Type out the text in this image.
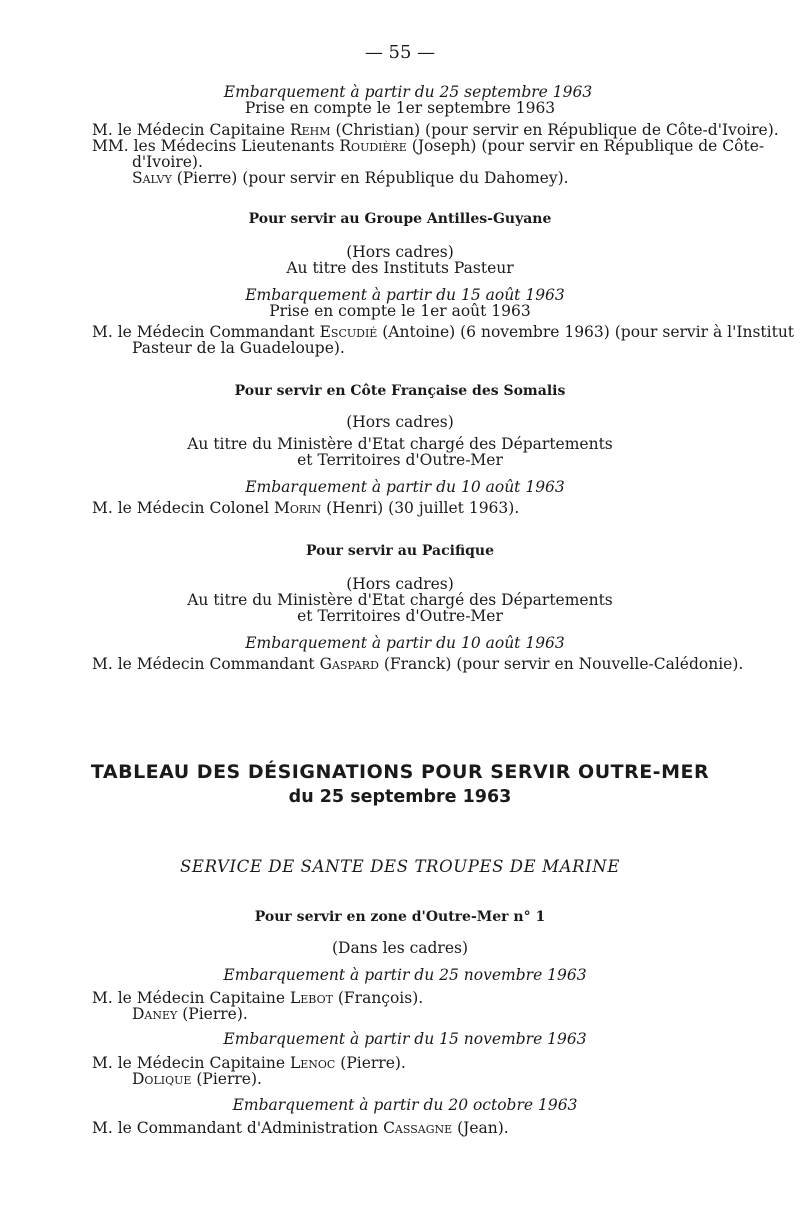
— 55 —
Embarquement à partir du 25 septembre 1963
Prise en compte le 1er septembre 1963
M. le Médecin Capitaine Rehm (Christian) (pour servir en République de Côte-d'Ivoire).
MM. les Médecins Lieutenants Roudière (Joseph) (pour servir en République de Côte-
d'Ivoire).
Salvy (Pierre) (pour servir en République du Dahomey).
Pour servir au Groupe Antilles-Guyane
(Hors cadres)
Au titre des Instituts Pasteur
Embarquement à partir du 15 août 1963
Prise en compte le 1er août 1963
M. le Médecin Commandant Escudié (Antoine) (6 novembre 1963) (pour servir à l'Institut
Pasteur de la Guadeloupe).
Pour servir en Côte Française des Somalis
(Hors cadres)
Au titre du Ministère d'Etat chargé des Départements
et Territoires d'Outre-Mer
Embarquement à partir du 10 août 1963
M. le Médecin Colonel Morin (Henri) (30 juillet 1963).
Pour servir au Pacifique
(Hors cadres)
Au titre du Ministère d'Etat chargé des Départements
et Territoires d'Outre-Mer
Embarquement à partir du 10 août 1963
M. le Médecin Commandant Gaspard (Franck) (pour servir en Nouvelle-Calédonie).
TABLEAU DES DÉSIGNATIONS POUR SERVIR OUTRE-MER
du 25 septembre 1963
SERVICE DE SANTE DES TROUPES DE MARINE
Pour servir en zone d'Outre-Mer n° 1
(Dans les cadres)
Embarquement à partir du 25 novembre 1963
M. le Médecin Capitaine Lebot (François).
Daney (Pierre).
Embarquement à partir du 15 novembre 1963
M. le Médecin Capitaine Lenoc (Pierre).
Dolique (Pierre).
Embarquement à partir du 20 octobre 1963
M. le Commandant d'Administration Cassagne (Jean).
